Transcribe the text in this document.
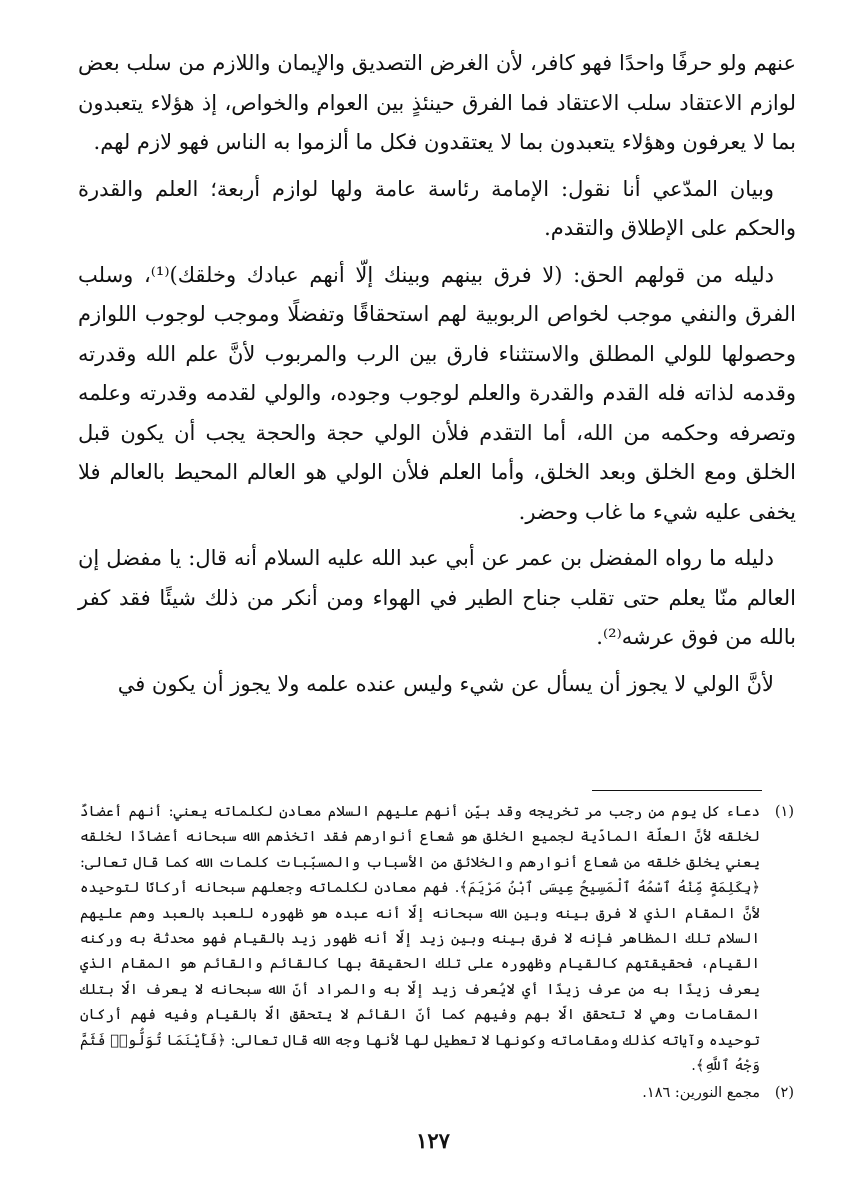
عنهم ولو حرفًا واحدًا فهو كافر، لأن الغرض التصديق والإيمان واللازم من سلب بعض لوازم الاعتقاد سلب الاعتقاد فما الفرق حينئذٍ بين العوام والخواص، إذ هؤلاء يتعبدون بما لا يعرفون وهؤلاء يتعبدون بما لا يعتقدون فكل ما ألزموا به الناس فهو لازم لهم.

وبيان المدّعي أنا نقول: الإمامة رئاسة عامة ولها لوازم أربعة؛ العلم والقدرة والحكم على الإطلاق والتقدم.

دليله من قولهم الحق: (لا فرق بينهم وبينك إلّا أنهم عبادك وخلقك)⁽¹⁾، وسلب الفرق والنفي موجب لخواص الربوبية لهم استحقاقًا وتفضلًا وموجب لوجوب اللوازم وحصولها للولي المطلق والاستثناء فارق بين الرب والمربوب لأنَّ علم الله وقدرته وقدمه لذاته فله القدم والقدرة والعلم لوجوب وجوده، والولي لقدمه وقدرته وعلمه وتصرفه وحكمه من الله، أما التقدم فلأن الولي حجة والحجة يجب أن يكون قبل الخلق ومع الخلق وبعد الخلق، وأما العلم فلأن الولي هو العالم المحيط بالعالم فلا يخفى عليه شيء ما غاب وحضر.

دليله ما رواه المفضل بن عمر عن أبي عبد الله عليه السلام أنه قال: يا مفضل إن العالم منّا يعلم حتى تقلب جناح الطير في الهواء ومن أنكر من ذلك شيئًا فقد كفر بالله من فوق عرشه⁽²⁾.

لأنَّ الولي لا يجوز أن يسأل عن شيء وليس عنده علمه ولا يجوز أن يكون في

(١)
دعاء كل يوم من رجب مر تخريجه وقد بيّن أنهم عليهم السلام معادن لكلماته يعني: أنهم أعضادٌ لخلقه لأنَّ العلّة المادّية لجميع الخلق هو شعاع أنوارهم فقد اتخذهم الله سبحانه أعضادًا لخلقه يعني يخلق خلقه من شعاع أنوارهم والخلائق من الأسباب والمسبّبات كلمات الله كما قال تعالى: ﴿بِكَلِمَةٍ مِّنْهُ ٱسْمُهُ ٱلْمَسِيحُ عِيسَى ٱبْنُ مَرْيَمَ﴾. فهم معادن لكلماته وجعلهم سبحانه أركانًا لتوحيده لأنَّ المقام الذي لا فرق بينه وبين الله سبحانه إلّا أنه عبده هو ظهوره للعبد بالعبد وهم عليهم السلام تلك المظاهر فإنه لا فرق بينه وبين زيد إلّا أنه ظهور زيد بالقيام فهو محدثة به وركنه القيام، فحقيقتهم كالقيام وظهوره على تلك الحقيقة بها كالقائم والقائم هو المقام الذي يعرف زيدًا به من عرف زيدًا أي لايُعرف زيد إلّا به والمراد أنّ الله سبحانه لا يعرف الّا بتلك المقامات وهي لا تتحقق الّا بهم وفيهم كما أنّ القائم لا يتحقق الّا بالقيام وفيه فهم أركان توحيده وآياته كذلك ومقاماته وكونها لا تعطيل لها لأنها وجه الله قال تعالى: ﴿فَأَيْنَمَا تُوَلُّوا۟ فَثَمَّ وَجْهُ ٱللَّهِ﴾.
(٢)
مجمع النورين: ١٨٦.
١٢٧
